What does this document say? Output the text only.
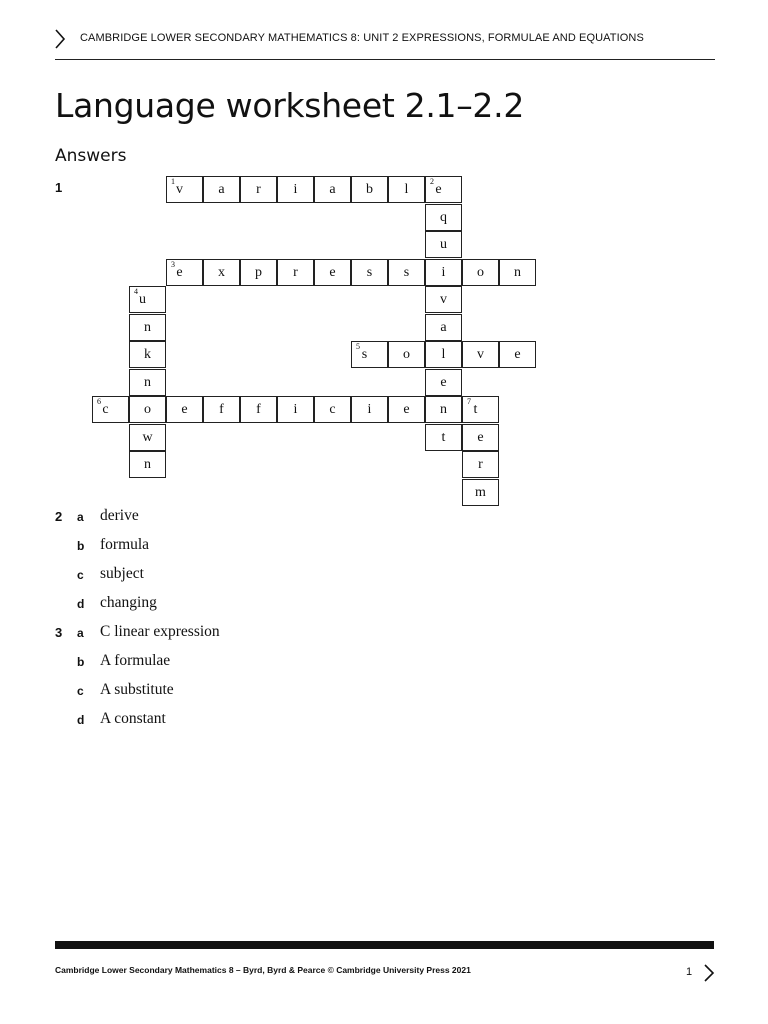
CAMBRIDGE LOWER SECONDARY MATHEMATICS 8: UNIT 2 EXPRESSIONS, FORMULAE AND EQUATIONS
Language worksheet 2.1–2.2
Answers
1	1 v	a r i a b l	2 e
q
u
3 e	x p r e s s i o n
4 u	v
n	a
k	5 s	o l v e
n	e
6 c	o e f f i c i e n	7 t
w	t e
n	r
m
2 a derive
b formula
c subject
d changing
3 a C linear expression
b A formulae
c A substitute
d A constant
Cambridge Lower Secondary Mathematics 8 – Byrd, Byrd & Pearce © Cambridge University Press 2021	1
